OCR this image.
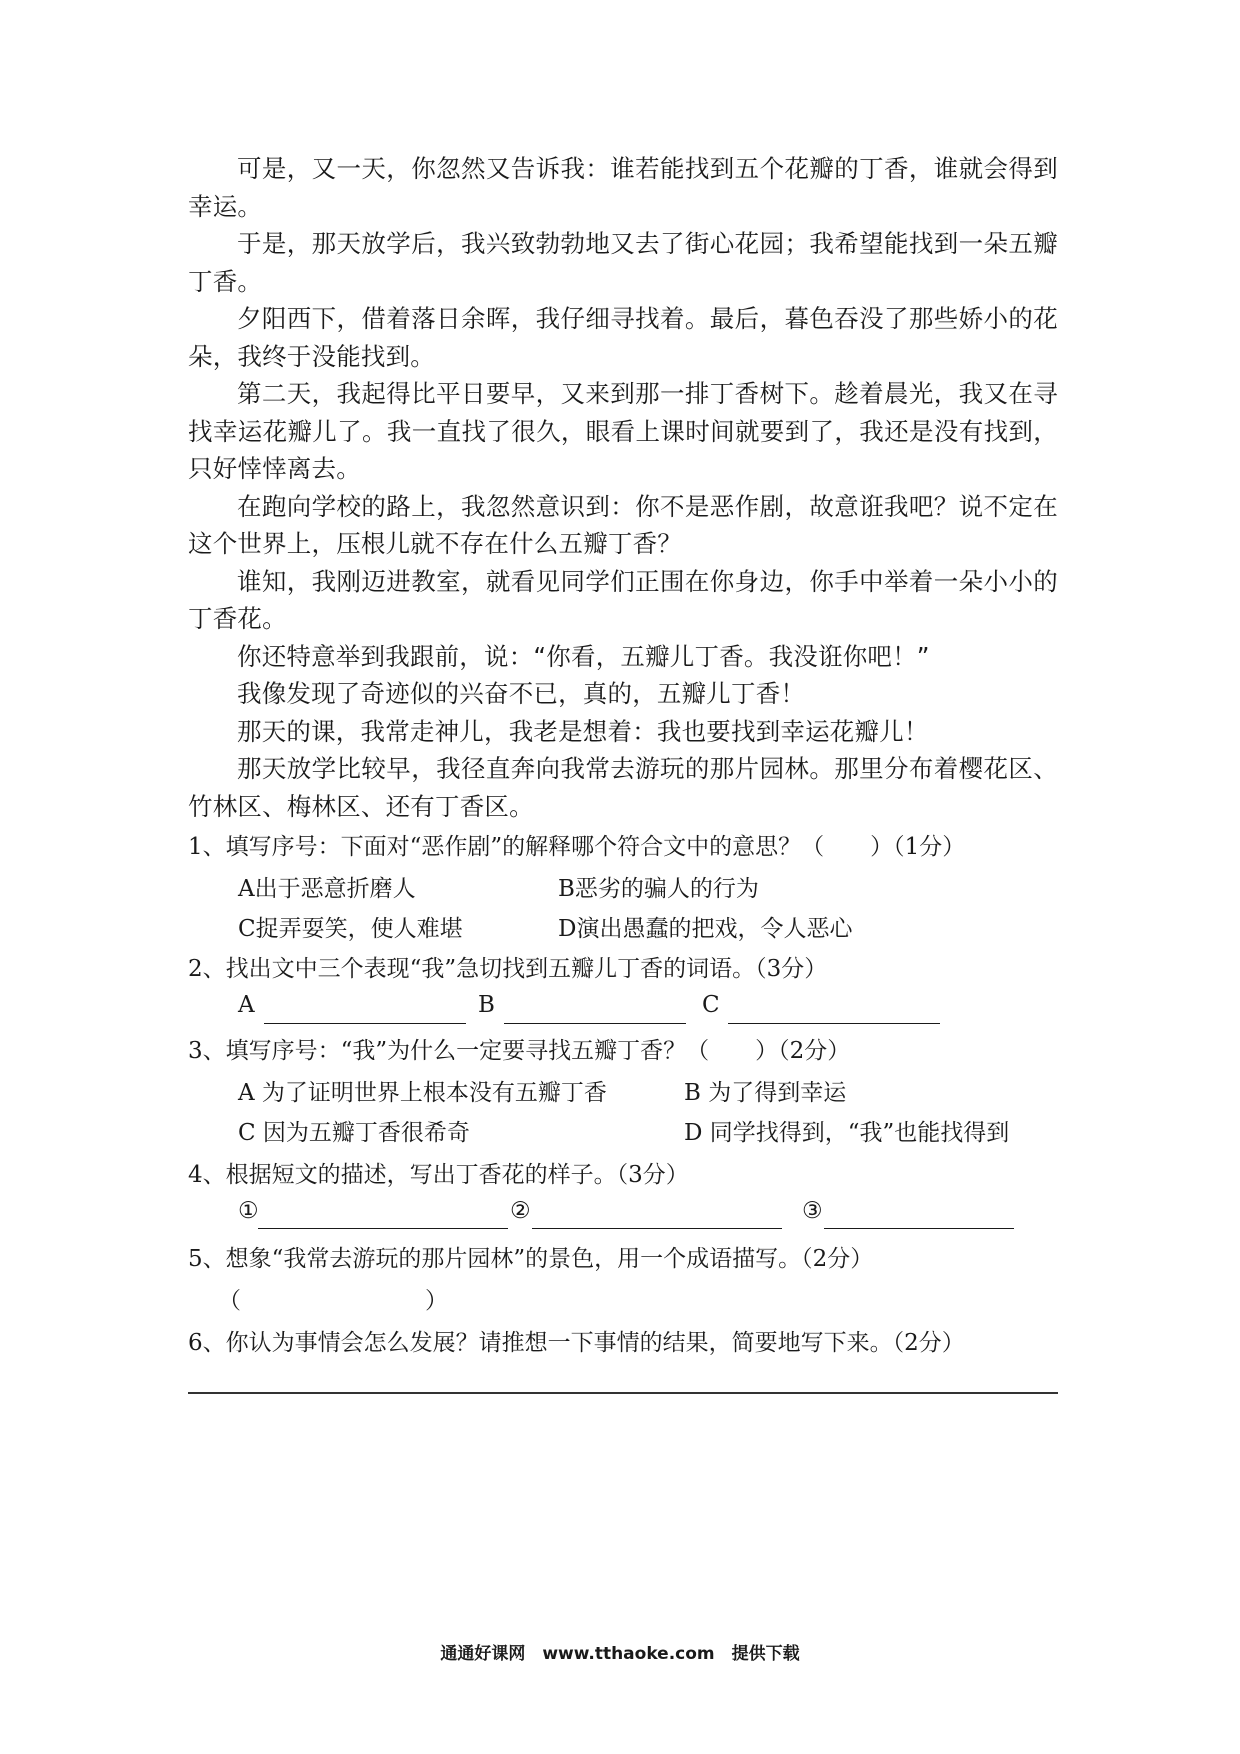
可是，又一天，你忽然又告诉我：谁若能找到五个花瓣的丁香，谁就会得到幸运。

于是，那天放学后，我兴致勃勃地又去了街心花园；我希望能找到一朵五瓣丁香。

夕阳西下，借着落日余晖，我仔细寻找着。最后，暮色吞没了那些娇小的花朵，我终于没能找到。

第二天，我起得比平日要早，又来到那一排丁香树下。趁着晨光，我又在寻找幸运花瓣儿了。我一直找了很久，眼看上课时间就要到了，我还是没有找到，只好悻悻离去。

在跑向学校的路上，我忽然意识到：你不是恶作剧，故意诳我吧？说不定在这个世界上，压根儿就不存在什么五瓣丁香？

谁知，我刚迈进教室，就看见同学们正围在你身边，你手中举着一朵小小的丁香花。

你还特意举到我跟前，说：“你看，五瓣儿丁香。我没诳你吧！”

我像发现了奇迹似的兴奋不已，真的，五瓣儿丁香！

那天的课，我常走神儿，我老是想着：我也要找到幸运花瓣儿！

那天放学比较早，我径直奔向我常去游玩的那片园林。那里分布着樱花区、竹林区、梅林区、还有丁香区。

1、填写序号：下面对“恶作剧”的解释哪个符合文中的意思？（　　）（1分）
A出于恶意折磨人	B恶劣的骗人的行为
C捉弄耍笑，使人难堪	D演出愚蠢的把戏，令人恶心
2、找出文中三个表现“我”急切找到五瓣儿丁香的词语。（3分）
A	B	C
3、填写序号：“我”为什么一定要寻找五瓣丁香？（　　）（2分）
A 为了证明世界上根本没有五瓣丁香	B 为了得到幸运
C 因为五瓣丁香很希奇	D 同学找得到，“我”也能找得到
4、根据短文的描述，写出丁香花的样子。（3分）
①	②	③
5、想象“我常去游玩的那片园林”的景色，用一个成语描写。（2分）
（　　　　　　　　）
6、你认为事情会怎么发展？请推想一下事情的结果，简要地写下来。（2分）
通通好课网　www.tthaoke.com　提供下载
